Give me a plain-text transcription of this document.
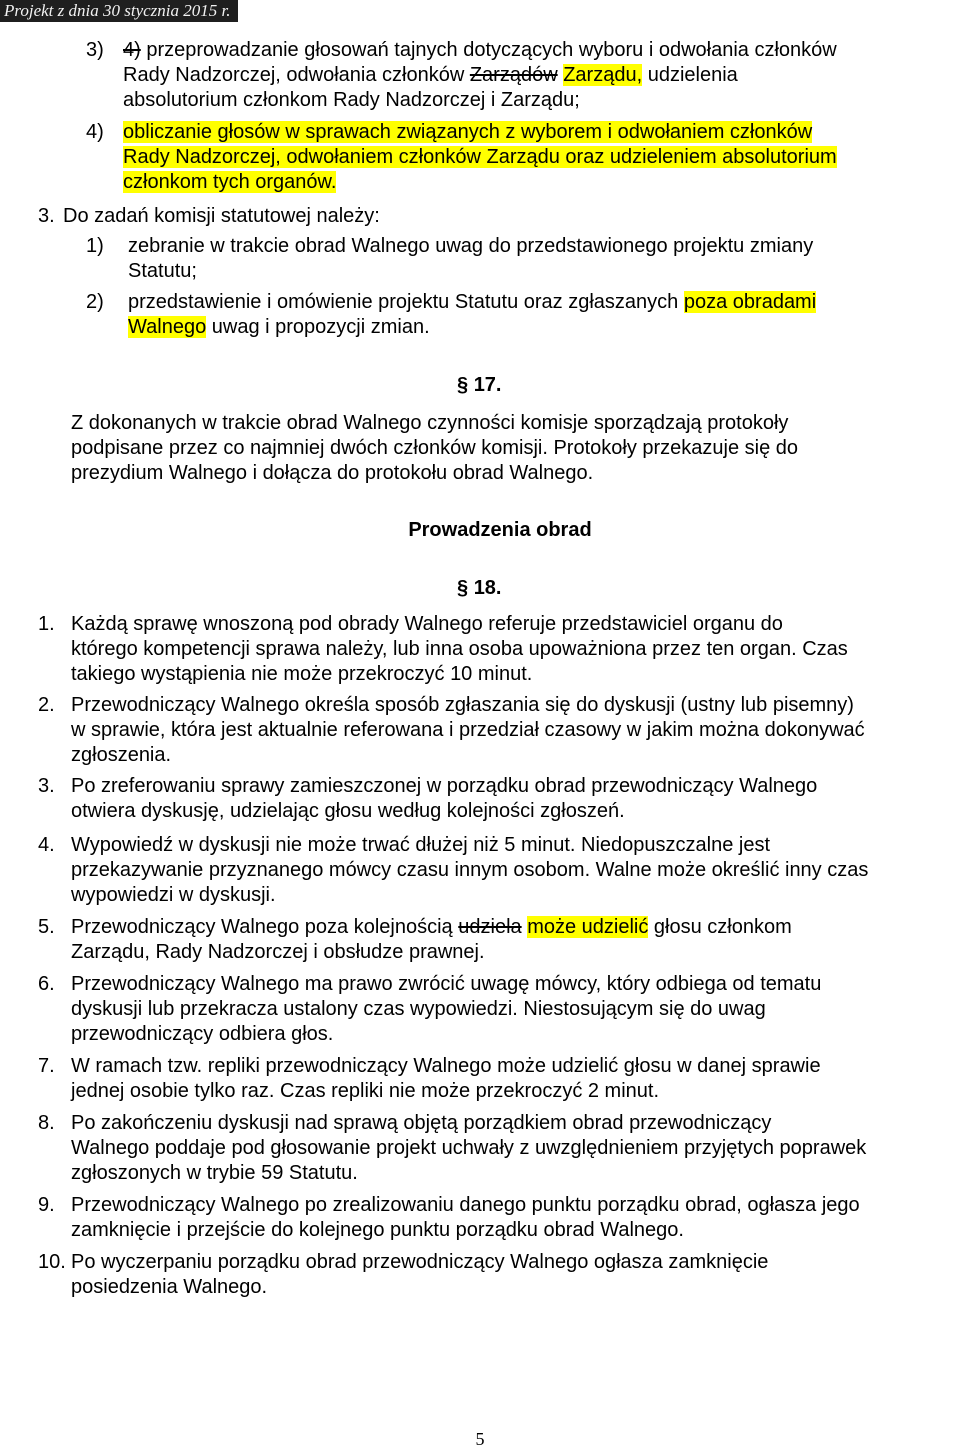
Projekt z dnia 30 stycznia 2015 r.
3) 4) przeprowadzanie głosowań tajnych dotyczących wyboru i odwołania członków
Rady Nadzorczej, odwołania członków Zarządów Zarządu, udzielenia
absolutorium członkom Rady Nadzorczej i Zarządu;
4) obliczanie głosów w sprawach związanych z wyborem i odwołaniem członków
Rady Nadzorczej, odwołaniem członków Zarządu oraz udzieleniem absolutorium
członkom tych organów.
3. Do zadań komisji statutowej należy:
1) zebranie w trakcie obrad Walnego uwag do przedstawionego projektu zmiany
Statutu;
2) przedstawienie i omówienie projektu Statutu oraz zgłaszanych poza obradami
Walnego uwag i propozycji zmian.
§ 17.
Z dokonanych w trakcie obrad Walnego czynności komisje sporządzają protokoły
podpisane przez co najmniej dwóch członków komisji. Protokoły przekazuje się do
prezydium Walnego i dołącza do protokołu obrad Walnego.
Prowadzenia obrad
§ 18.
1. Każdą sprawę wnoszoną pod obrady Walnego referuje przedstawiciel organu do
którego kompetencji sprawa należy, lub inna osoba upoważniona przez ten organ. Czas
takiego wystąpienia nie może przekroczyć 10 minut.
2. Przewodniczący Walnego określa sposób zgłaszania się do dyskusji (ustny lub pisemny)
w sprawie, która jest aktualnie referowana i przedział czasowy w jakim można dokonywać
zgłoszenia.
3. Po zreferowaniu sprawy zamieszczonej w porządku obrad przewodniczący Walnego
otwiera dyskusję, udzielając głosu według kolejności zgłoszeń.
4. Wypowiedź w dyskusji nie może trwać dłużej niż 5 minut. Niedopuszczalne jest
przekazywanie przyznanego mówcy czasu innym osobom. Walne może określić inny czas
wypowiedzi w dyskusji.
5. Przewodniczący Walnego poza kolejnością udziela może udzielić głosu członkom
Zarządu, Rady Nadzorczej i obsłudze prawnej.
6. Przewodniczący Walnego ma prawo zwrócić uwagę mówcy, który odbiega od tematu
dyskusji lub przekracza ustalony czas wypowiedzi. Niestosującym się do uwag
przewodniczący odbiera głos.
7. W ramach tzw. repliki przewodniczący Walnego może udzielić głosu w danej sprawie
jednej osobie tylko raz. Czas repliki nie może przekroczyć 2 minut.
8. Po zakończeniu dyskusji nad sprawą objętą porządkiem obrad przewodniczący
Walnego poddaje pod głosowanie projekt uchwały z uwzględnieniem przyjętych poprawek
zgłoszonych w trybie 59 Statutu.
9. Przewodniczący Walnego po zrealizowaniu danego punktu porządku obrad, ogłasza jego
zamknięcie i przejście do kolejnego punktu porządku obrad Walnego.
10. Po wyczerpaniu porządku obrad przewodniczący Walnego ogłasza zamknięcie
posiedzenia Walnego.
5
